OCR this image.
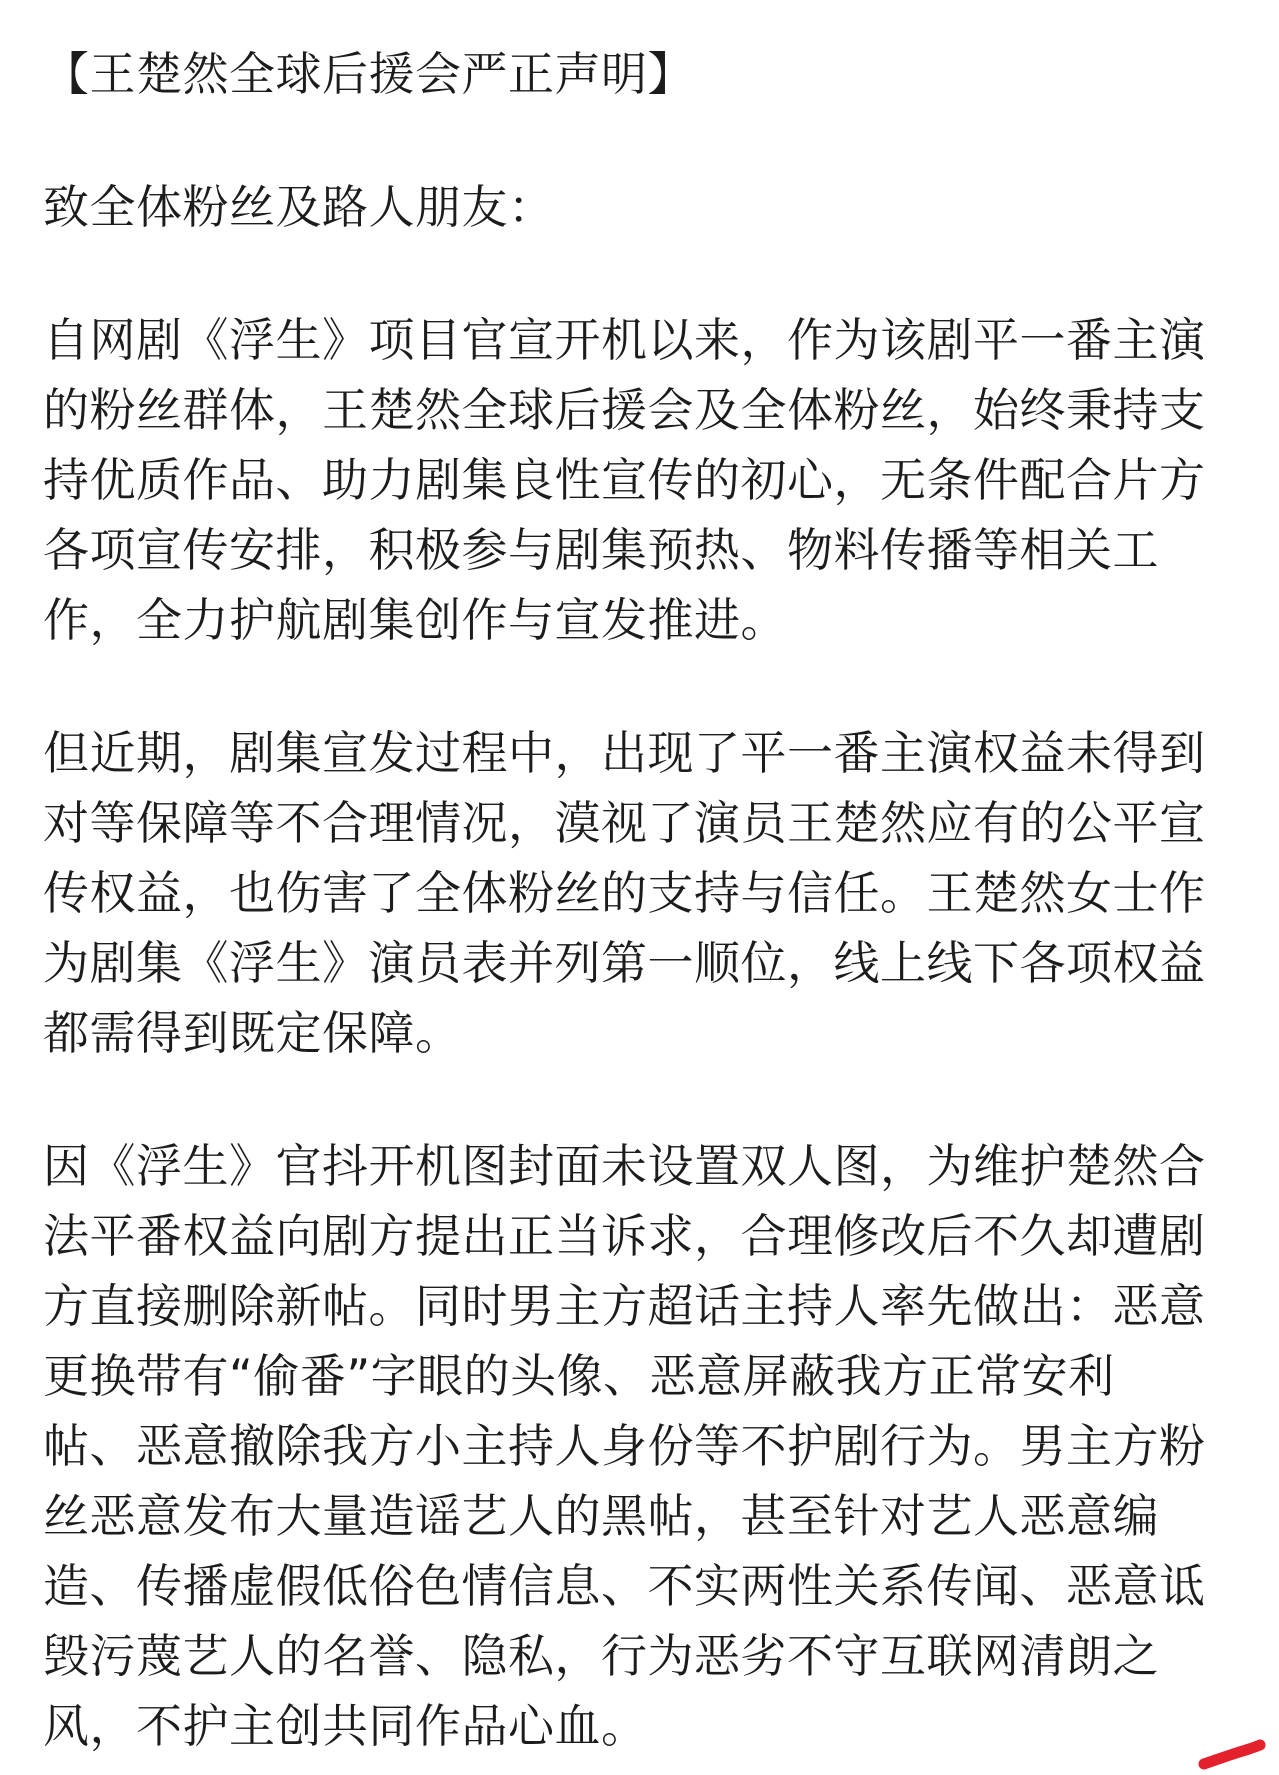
【王楚然全球后援会严正声明】
致全体粉丝及路人朋友：
自网剧《浮生》项目官宣开机以来，作为该剧平一番主演
的粉丝群体，王楚然全球后援会及全体粉丝，始终秉持支
持优质作品、助力剧集良性宣传的初心，无条件配合片方
各项宣传安排，积极参与剧集预热、物料传播等相关工
作，全力护航剧集创作与宣发推进。
但近期，剧集宣发过程中，出现了平一番主演权益未得到
对等保障等不合理情况，漠视了演员王楚然应有的公平宣
传权益，也伤害了全体粉丝的支持与信任。王楚然女士作
为剧集《浮生》演员表并列第一顺位，线上线下各项权益
都需得到既定保障。
因《浮生》官抖开机图封面未设置双人图，为维护楚然合
法平番权益向剧方提出正当诉求，合理修改后不久却遭剧
方直接删除新帖。同时男主方超话主持人率先做出：恶意
更换带有“偷番”字眼的头像、恶意屏蔽我方正常安利
帖、恶意撤除我方小主持人身份等不护剧行为。男主方粉
丝恶意发布大量造谣艺人的黑帖，甚至针对艺人恶意编
造、传播虚假低俗色情信息、不实两性关系传闻、恶意诋
毁污蔑艺人的名誉、隐私，行为恶劣不守互联网清朗之
风，不护主创共同作品心血。
